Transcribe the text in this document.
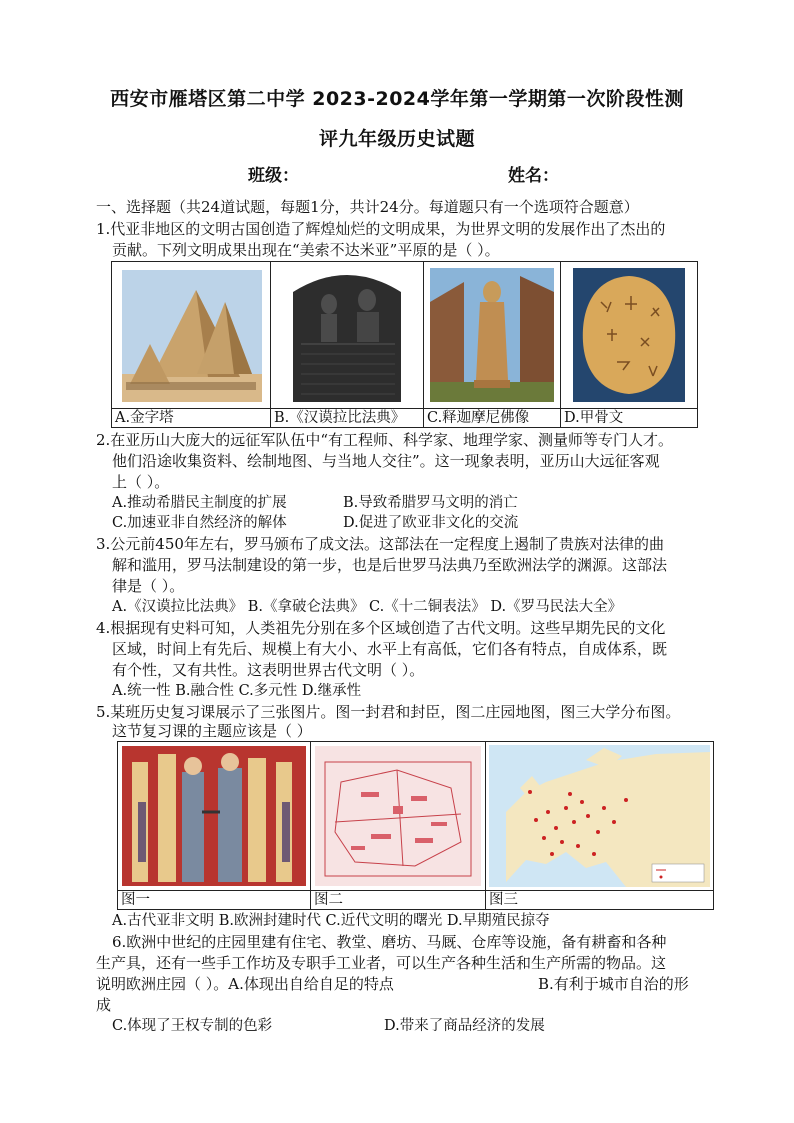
西安市雁塔区第二中学 2023-2024学年第一学期第一次阶段性测
评九年级历史试题
班级：	姓名：
一、选择题（共24道试题，每题1分，共计24分。每道题只有一个选项符合题意）
1.代亚非地区的文明古国创造了辉煌灿烂的文明成果，为世界文明的发展作出了杰出的
贡献。下列文明成果出现在“美索不达米亚”平原的是（ ）。

A.金字塔	B.《汉谟拉比法典》	C.释迦摩尼佛像	D.甲骨文
2.在亚历山大庞大的远征军队伍中“有工程师、科学家、地理学家、测量师等专门人才。
他们沿途收集资料、绘制地图、与当地人交往”。这一现象表明，亚历山大远征客观
上（ ）。
A.推动希腊民主制度的扩展	B.导致希腊罗马文明的消亡
C.加速亚非自然经济的解体	D.促进了欧亚非文化的交流
3.公元前450年左右，罗马颁布了成文法。这部法在一定程度上遏制了贵族对法律的曲
解和滥用，罗马法制建设的第一步，也是后世罗马法典乃至欧洲法学的渊源。这部法
律是（ ）。
A.《汉谟拉比法典》 B.《拿破仑法典》 C.《十二铜表法》 D.《罗马民法大全》
4.根据现有史料可知，人类祖先分别在多个区域创造了古代文明。这些早期先民的文化
区域，时间上有先后、规模上有大小、水平上有高低，它们各有特点，自成体系，既
有个性，又有共性。这表明世界古代文明（ ）。
A.统一性 B.融合性 C.多元性 D.继承性
5.某班历史复习课展示了三张图片。图一封君和封臣，图二庄园地图，图三大学分布图。
这节复习课的主题应该是（ ）

图一	图二	图三
A.古代亚非文明 B.欧洲封建时代 C.近代文明的曙光 D.早期殖民掠夺
6.欧洲中世纪的庄园里建有住宅、教堂、磨坊、马厩、仓库等设施，备有耕畜和各种
生产具，还有一些手工作坊及专职手工业者，可以生产各种生活和生产所需的物品。这
说明欧洲庄园（ ）。A.体现出自给自足的特点	B.有利于城市自治的形
成
C.体现了王权专制的色彩	D.带来了商品经济的发展
